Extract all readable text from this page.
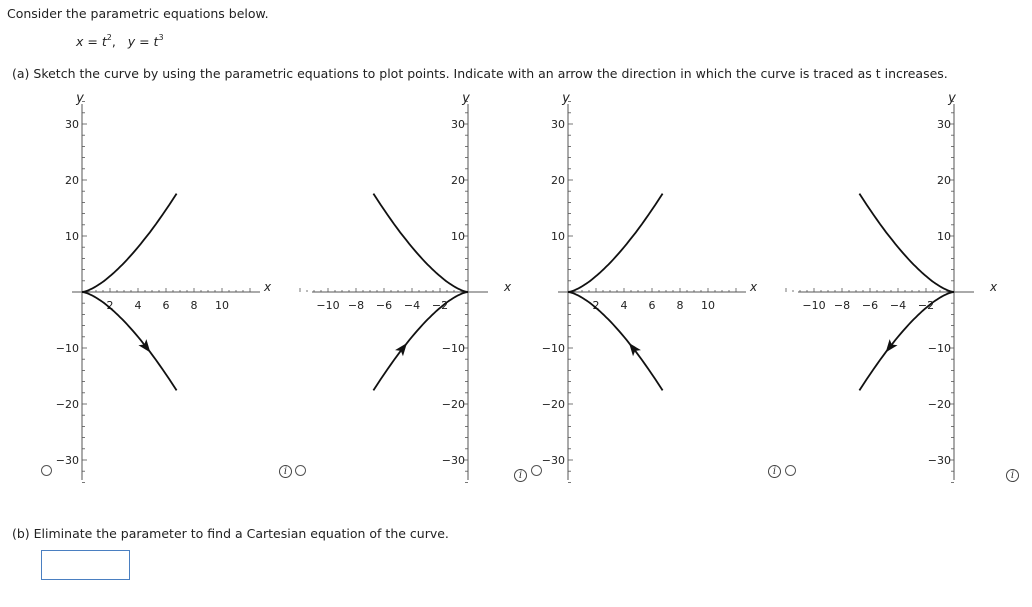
Consider the parametric equations below.
$x = t^2$, $y = t^3$
(a) Sketch the curve by using the parametric equations to plot points. Indicate with an arrow the direction in which the curve is traced as t increases.
2 4 6 8 10
−30
−20
−10
10
20
30
y
x
−10 −8 −6 −4 −2
−30
−20
−10
10
20
30
y
x
2 4 6 8 10
−30
−20
−10
10
20
30
y
x
−10 −8 −6 −4 −2
−30
−20
−10
10
20
30
y
x
i	i	i	i
(b) Eliminate the parameter to find a Cartesian equation of the curve.
